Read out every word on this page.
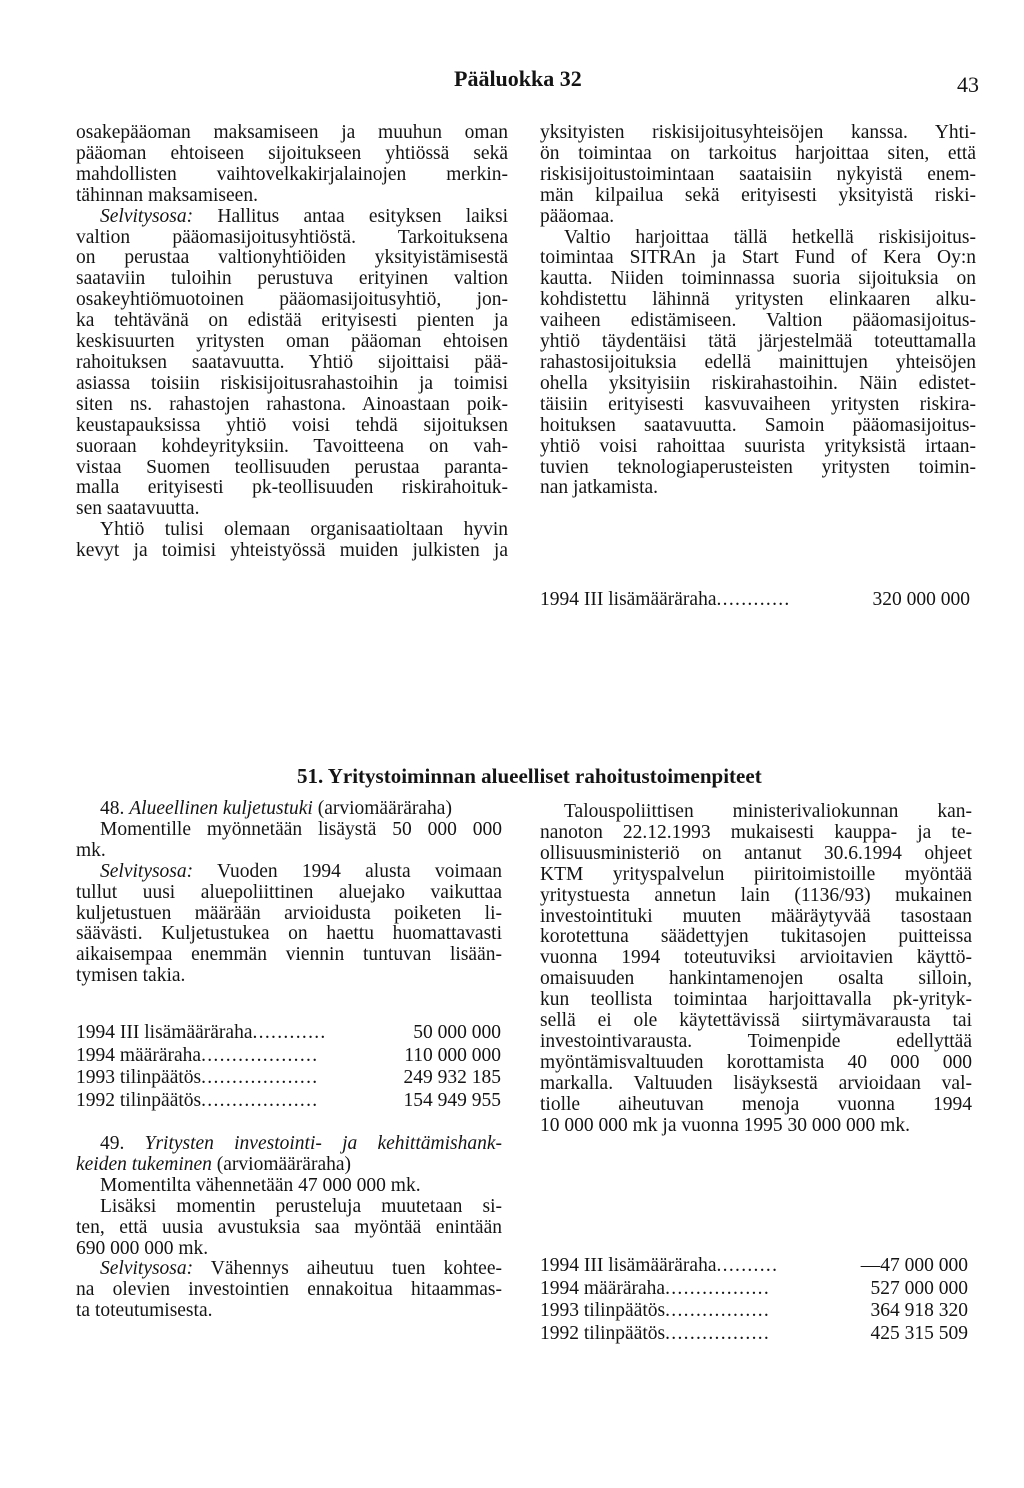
Pääluokka 32	43

osakepääoman maksamiseen ja muuhun oman
pääoman ehtoiseen sijoitukseen yhtiössä sekä
mahdollisten vaihtovelkakirjalainojen merkin-
tähinnan maksamiseen.

Selvitysosa: Hallitus antaa esityksen laiksi
valtion pääomasijoitusyhtiöstä. Tarkoituksena
on perustaa valtionyhtiöiden yksityistämisestä
saataviin tuloihin perustuva erityinen valtion
osakeyhtiömuotoinen pääomasijoitusyhtiö, jon-
ka tehtävänä on edistää erityisesti pienten ja
keskisuurten yritysten oman pääoman ehtoisen
rahoituksen saatavuutta. Yhtiö sijoittaisi pää-
asiassa toisiin riskisijoitusrahastoihin ja toimisi
siten ns. rahastojen rahastona. Ainoastaan poik-
keustapauksissa yhtiö voisi tehdä sijoituksen
suoraan kohdeyrityksiin. Tavoitteena on vah-
vistaa Suomen teollisuuden perustaa paranta-
malla erityisesti pk-teollisuuden riskirahoituk-
sen saatavuutta.

Yhtiö tulisi olemaan organisaatioltaan hyvin
kevyt ja toimisi yhteistyössä muiden julkisten ja

yksityisten riskisijoitusyhteisöjen kanssa. Yhti-
ön toimintaa on tarkoitus harjoittaa siten, että
riskisijoitustoimintaan saataisiin nykyistä enem-
män kilpailua sekä erityisesti yksityistä riski-
pääomaa.

Valtio harjoittaa tällä hetkellä riskisijoitus-
toimintaa SITRAn ja Start Fund of Kera Oy:n
kautta. Niiden toiminnassa suoria sijoituksia on
kohdistettu lähinnä yritysten elinkaaren alku-
vaiheen edistämiseen. Valtion pääomasijoitus-
yhtiö täydentäisi tätä järjestelmää toteuttamalla
rahastosijoituksia edellä mainittujen yhteisöjen
ohella yksityisiin riskirahastoihin. Näin edistet-
täisiin erityisesti kasvuvaiheen yritysten riskira-
hoituksen saatavuutta. Samoin pääomasijoitus-
yhtiö voisi rahoittaa suurista yrityksistä irtaan-
tuvien teknologiaperusteisten yritysten toimin-
nan jatkamista.

1994 III lisämääräraha ............	320 000 000
51. Yritystoiminnan alueelliset rahoitustoimenpiteet

48. Alueellinen kuljetustuki (arviomääräraha)

Momentille myönnetään lisäystä 50 000 000
mk.

Selvitysosa: Vuoden 1994 alusta voimaan
tullut uusi aluepoliittinen aluejako vaikuttaa
kuljetustuen määrään arvioidusta poiketen li-
säävästi. Kuljetustukea on haettu huomattavasti
aikaisempaa enemmän viennin tuntuvan lisään-
tymisen takia.

1994 III lisämääräraha ............	50 000 000
1994 määräraha ...................	110 000 000
1993 tilinpäätös ...................	249 932 185
1992 tilinpäätös ...................	154 949 955

49. Yritysten investointi- ja kehittämishank-
keiden tukeminen (arviomääräraha)

Momentilta vähennetään 47 000 000 mk.

Lisäksi momentin perusteluja muutetaan si-
ten, että uusia avustuksia saa myöntää enintään
690 000 000 mk.

Selvitysosa: Vähennys aiheutuu tuen kohtee-
na olevien investointien ennakoitua hitaammas-
ta toteutumisesta.

Talouspoliittisen ministerivaliokunnan kan-
nanoton 22.12.1993 mukaisesti kauppa- ja te-
ollisuusministeriö on antanut 30.6.1994 ohjeet
KTM yrityspalvelun piiritoimistoille myöntää
yritystuesta annetun lain (1136/93) mukainen
investointituki muuten määräytyvää tasostaan
korotettuna säädettyjen tukitasojen puitteissa
vuonna 1994 toteutuviksi arvioitavien käyttö-
omaisuuden hankintamenojen osalta silloin,
kun teollista toimintaa harjoittavalla pk-yrityk-
sellä ei ole käytettävissä siirtymävarausta tai
investointivarausta. Toimenpide edellyttää
myöntämisvaltuuden korottamista 40 000 000
markalla. Valtuuden lisäyksestä arvioidaan val-
tiolle aiheutuvan menoja vuonna 1994
10 000 000 mk ja vuonna 1995 30 000 000 mk.

1994 III lisämääräraha ..........	—47 000 000
1994 määräraha .................	527 000 000
1993 tilinpäätös .................	364 918 320
1992 tilinpäätös .................	425 315 509
